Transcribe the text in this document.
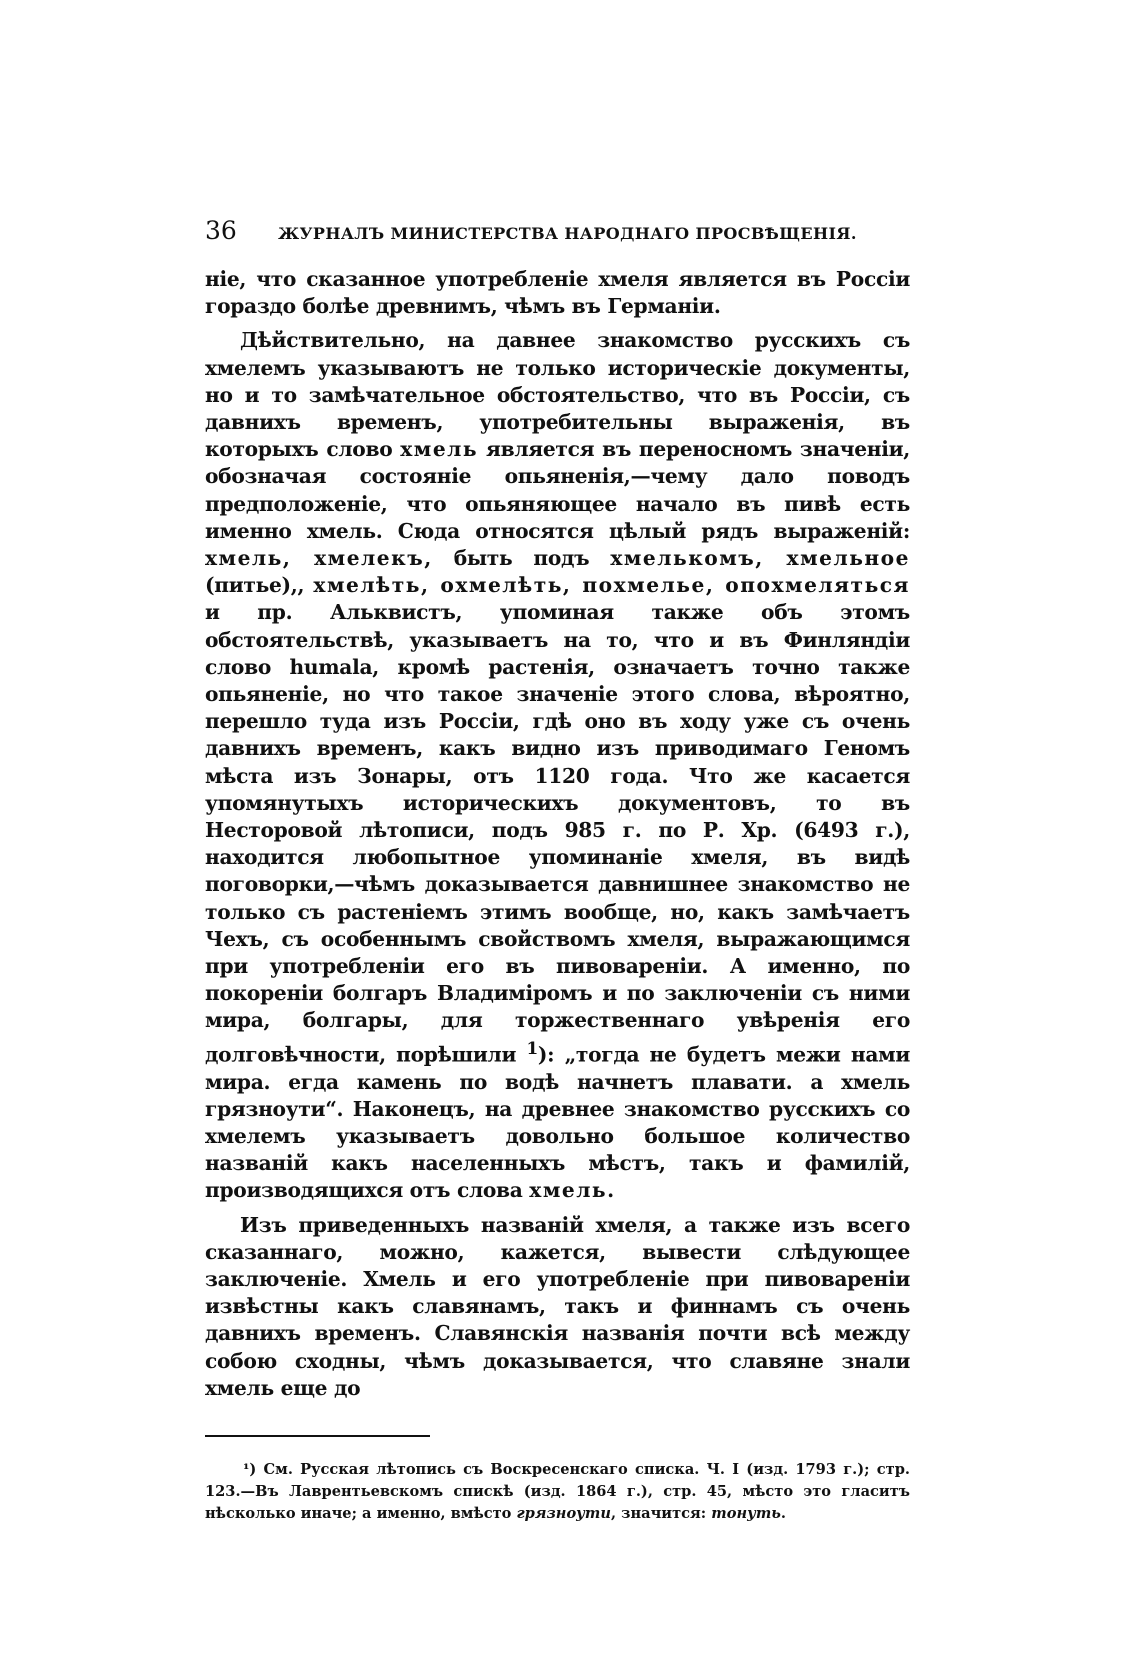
36	ЖУРНАЛЪ МИНИСТЕРСТВА НАРОДНАГО ПРОСВѢЩЕНІЯ.

ніе, что сказанное употребленіе хмеля является въ Россіи гораздо болѣе древнимъ, чѣмъ въ Германіи.

Дѣйствительно, на давнее знакомство русскихъ съ хмелемъ указываютъ не только историческіе документы, но и то замѣчательное обстоятельство, что въ Россіи, съ давнихъ временъ, употребительны выраженія, въ которыхъ слово хмель является въ переносномъ значеніи, обозначая состояніе опьяненія,—чему дало поводъ предположеніе, что опьяняющее начало въ пивѣ есть именно хмель. Сюда относятся цѣлый рядъ выраженій: хмель, хмелекъ, быть подъ хмелькомъ, хмельное (питье),, хмелѣть, охмелѣть, похмелье, опохмеляться и пр. Альквистъ, упоминая также объ этомъ обстоятельствѣ, указываетъ на то, что и въ Финляндіи слово humala, кромѣ растенія, означаетъ точно также опьяненіе, но что такое значеніе этого слова, вѣроятно, перешло туда изъ Россіи, гдѣ оно въ ходу уже съ очень давнихъ временъ, какъ видно изъ приводимаго Геномъ мѣста изъ Зонары, отъ 1120 года. Что же касается упомянутыхъ историческихъ документовъ, то въ Несторовой лѣтописи, подъ 985 г. по Р. Хр. (6493 г.), находится любопытное упоминаніе хмеля, въ видѣ поговорки,—чѣмъ доказывается давнишнее знакомство не только съ растеніемъ этимъ вообще, но, какъ замѣчаетъ Чехъ, съ особеннымъ свойствомъ хмеля, выражающимся при употребленіи его въ пивовареніи. А именно, по покореніи болгаръ Владиміромъ и по заключеніи съ ними мира, болгары, для торжественнаго увѣренія его долговѣчности, порѣшили $^1$): „тогда не будетъ межи нами мира. егда камень по водѣ начнетъ плавати. а хмель грязноути“. Наконецъ, на древнее знакомство русскихъ со хмелемъ указываетъ довольно большое количество названій какъ населенныхъ мѣстъ, такъ и фамилій, производящихся отъ слова хмель.

Изъ приведенныхъ названій хмеля, а также изъ всего сказаннаго, можно, кажется, вывести слѣдующее заключеніе. Хмель и его употребленіе при пивовареніи извѣстны какъ славянамъ, такъ и финнамъ съ очень давнихъ временъ. Славянскія названія почти всѣ между собою сходны, чѣмъ доказывается, что славяне знали хмель еще до

¹) См. Русская лѣтопись съ Воскресенскаго списка. Ч. I (изд. 1793 г.); стр. 123.—Въ Лаврентьевскомъ спискѣ (изд. 1864 г.), стр. 45, мѣсто это гласитъ нѣсколько иначе; а именно, вмѣсто грязноути, значится: тонуть.
